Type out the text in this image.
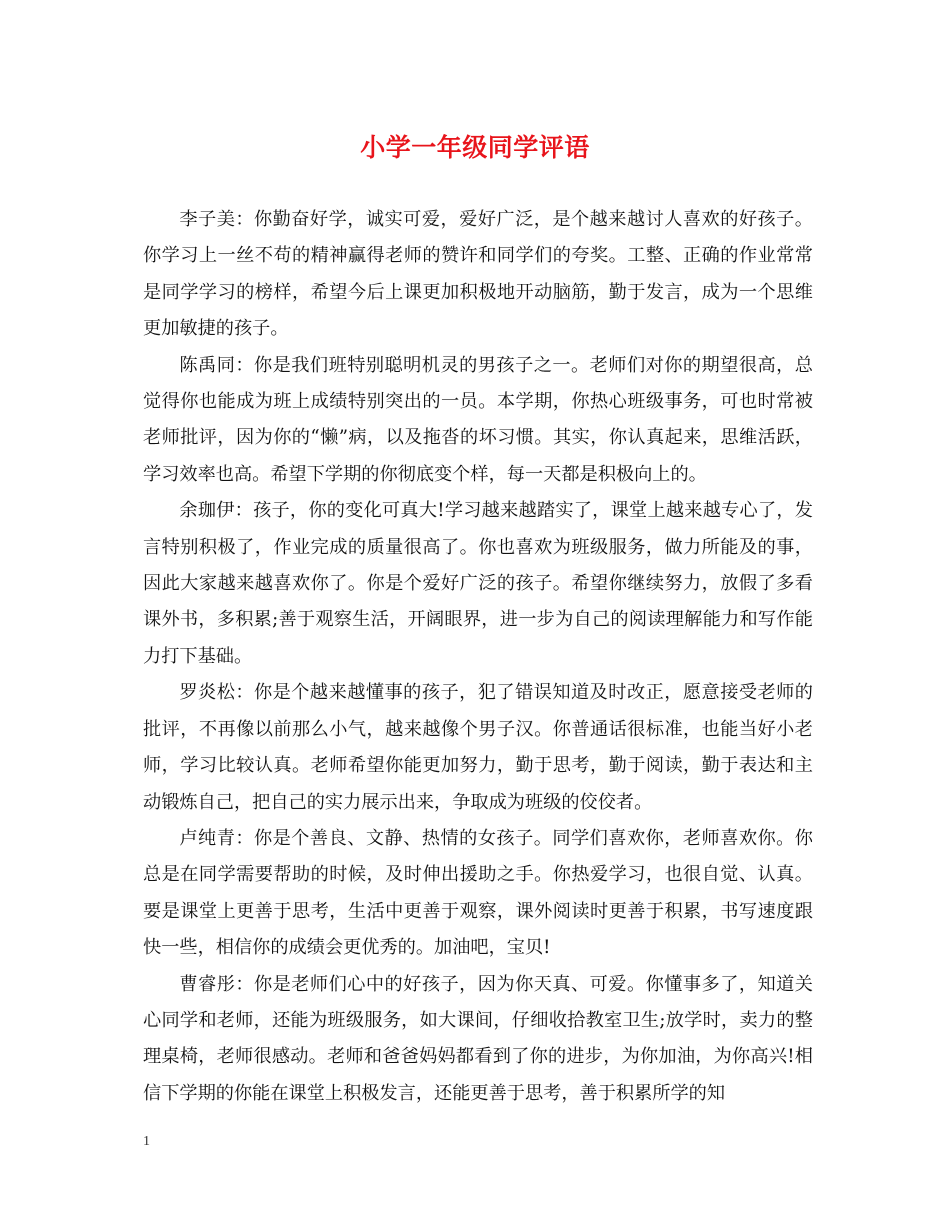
小学一年级同学评语

李子美：你勤奋好学，诚实可爱，爱好广泛，是个越来越讨人喜欢的好孩子。你学习上一丝不苟的精神赢得老师的赞许和同学们的夸奖。工整、正确的作业常常是同学学习的榜样，希望今后上课更加积极地开动脑筋，勤于发言，成为一个思维更加敏捷的孩子。

陈禹同：你是我们班特别聪明机灵的男孩子之一。老师们对你的期望很高，总觉得你也能成为班上成绩特别突出的一员。本学期，你热心班级事务，可也时常被老师批评，因为你的“懒”病，以及拖沓的坏习惯。其实，你认真起来，思维活跃，学习效率也高。希望下学期的你彻底变个样，每一天都是积极向上的。

余珈伊：孩子，你的变化可真大!学习越来越踏实了，课堂上越来越专心了，发言特别积极了，作业完成的质量很高了。你也喜欢为班级服务，做力所能及的事，因此大家越来越喜欢你了。你是个爱好广泛的孩子。希望你继续努力，放假了多看课外书，多积累;善于观察生活，开阔眼界，进一步为自己的阅读理解能力和写作能力打下基础。

罗炎松：你是个越来越懂事的孩子，犯了错误知道及时改正，愿意接受老师的批评，不再像以前那么小气，越来越像个男子汉。你普通话很标准，也能当好小老师，学习比较认真。老师希望你能更加努力，勤于思考，勤于阅读，勤于表达和主动锻炼自己，把自己的实力展示出来，争取成为班级的佼佼者。

卢纯青：你是个善良、文静、热情的女孩子。同学们喜欢你，老师喜欢你。你总是在同学需要帮助的时候，及时伸出援助之手。你热爱学习，也很自觉、认真。要是课堂上更善于思考，生活中更善于观察，课外阅读时更善于积累，书写速度跟快一些，相信你的成绩会更优秀的。加油吧，宝贝!

曹睿彤：你是老师们心中的好孩子，因为你天真、可爱。你懂事多了，知道关心同学和老师，还能为班级服务，如大课间，仔细收拾教室卫生;放学时，卖力的整理桌椅，老师很感动。老师和爸爸妈妈都看到了你的进步，为你加油，为你高兴!相信下学期的你能在课堂上积极发言，还能更善于思考，善于积累所学的知

1
